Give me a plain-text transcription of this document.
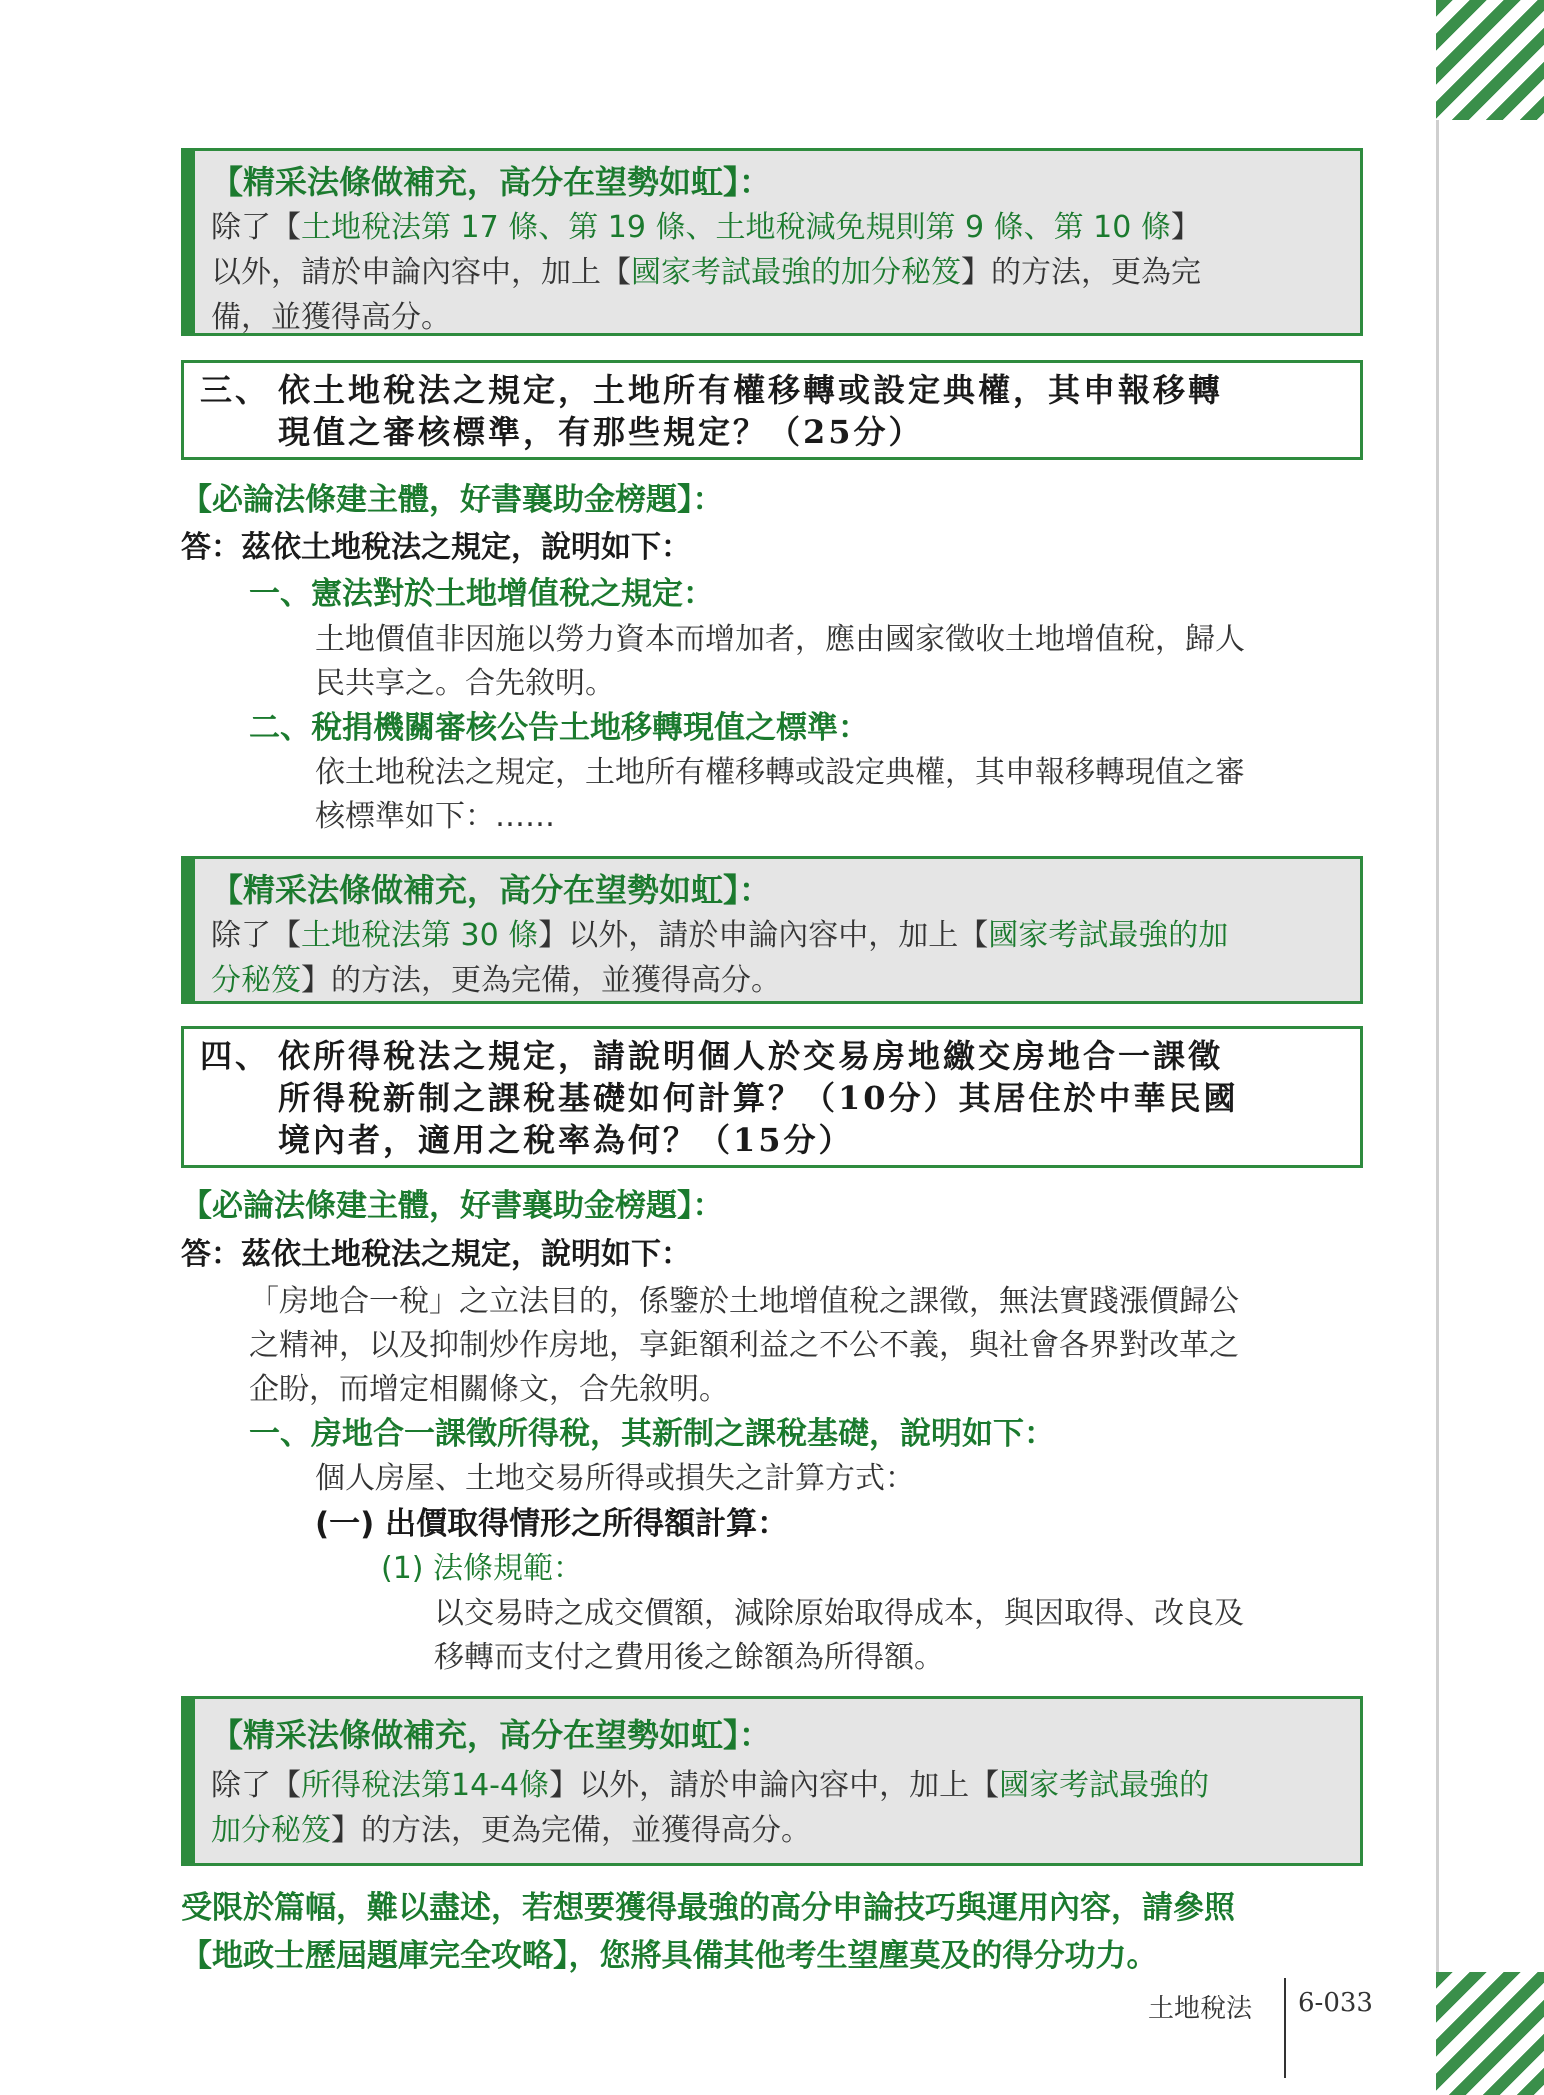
【精采法條做補充，高分在望勢如虹】：
除了【土地稅法第 17 條、第 19 條、土地稅減免規則第 9 條、第 10 條】
以外，請於申論內容中，加上【國家考試最強的加分秘笈】的方法，更為完
備，並獲得高分。
三、 依土地稅法之規定，土地所有權移轉或設定典權，其申報移轉
現值之審核標準，有那些規定？（25分）
【必論法條建主體，好書襄助金榜題】：
答：茲依土地稅法之規定，說明如下：
一、憲法對於土地增值稅之規定：
土地價值非因施以勞力資本而增加者，應由國家徵收土地增值稅，歸人
民共享之。合先敘明。
二、稅捐機關審核公告土地移轉現值之標準：
依土地稅法之規定，土地所有權移轉或設定典權，其申報移轉現值之審
核標準如下：……
【精采法條做補充，高分在望勢如虹】：
除了【土地稅法第 30 條】以外，請於申論內容中，加上【國家考試最強的加
分秘笈】的方法，更為完備，並獲得高分。
四、 依所得稅法之規定，請說明個人於交易房地繳交房地合一課徵
所得稅新制之課稅基礎如何計算？（10分）其居住於中華民國
境內者，適用之稅率為何？（15分）
【必論法條建主體，好書襄助金榜題】：
答：茲依土地稅法之規定，說明如下：
「房地合一稅」之立法目的，係鑒於土地增值稅之課徵，無法實踐漲價歸公
之精神，以及抑制炒作房地，享鉅額利益之不公不義，與社會各界對改革之
企盼，而增定相關條文，合先敘明。
一、房地合一課徵所得稅，其新制之課稅基礎，說明如下：
個人房屋、土地交易所得或損失之計算方式：
(一) 出價取得情形之所得額計算：
(1) 法條規範：
以交易時之成交價額，減除原始取得成本，與因取得、改良及
移轉而支付之費用後之餘額為所得額。
【精采法條做補充，高分在望勢如虹】：
除了【所得稅法第14-4條】以外，請於申論內容中，加上【國家考試最強的
加分秘笈】的方法，更為完備，並獲得高分。
受限於篇幅，難以盡述，若想要獲得最強的高分申論技巧與運用內容，請參照
【地政士歷屆題庫完全攻略】，您將具備其他考生望塵莫及的得分功力。
土地稅法 6-033
